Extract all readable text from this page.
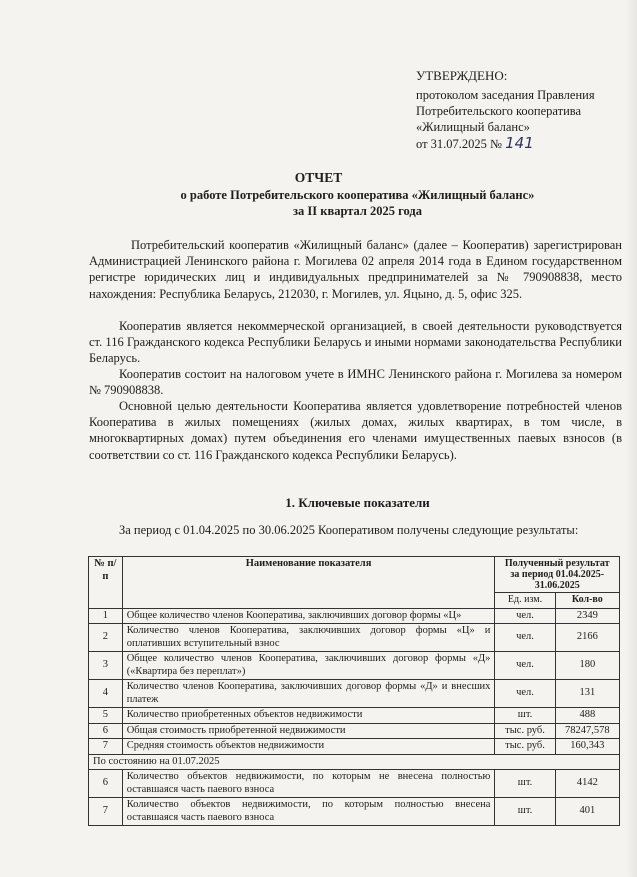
УТВЕРЖДЕНО:
протоколом заседания Правления
Потребительского кооператива
«Жилищный баланс»
от 31.07.2025 № 141
ОТЧЕТ
о работе Потребительского кооператива «Жилищный баланс»
за II квартал 2025 года

Потребительский кооператив «Жилищный баланс» (далее – Кооператив) зарегистрирован Администрацией Ленинского района г. Могилева 02 апреля 2014 года в Едином государственном регистре юридических лиц и индивидуальных предпринимателей за № 790908838, место нахождения: Республика Беларусь, 212030, г. Могилев, ул. Яцыно, д. 5, офис 325.

Кооператив является некоммерческой организацией, в своей деятельности руководствуется ст. 116 Гражданского кодекса Республики Беларусь и иными нормами законодательства Республики Беларусь.

Кооператив состоит на налоговом учете в ИМНС Ленинского района г. Могилева за номером № 790908838.

Основной целью деятельности Кооператива является удовлетворение потребностей членов Кооператива в жилых помещениях (жилых домах, жилых квартирах, в том числе, в многоквартирных домах) путем объединения его членами имущественных паевых взносов (в соответствии со ст. 116 Гражданского кодекса Республики Беларусь).

1. Ключевые показатели

За период с 01.04.2025 по 30.06.2025 Кооперативом получены следующие результаты:

№ п/п	Наименование показателя	Полученный результат за период 01.04.2025-31.06.2025	
		Ед. изм.	Кол-во
1	Общее количество членов Кооператива, заключивших договор формы «Ц»	чел.	2349
2	Количество членов Кооператива, заключивших договор формы «Ц» и оплативших вступительный взнос	чел.	2166
3	Общее количество членов Кооператива, заключивших договор формы «Д» («Квартира без переплат»)	чел.	180
4	Количество членов Кооператива, заключивших договор формы «Д» и внесших платеж	чел.	131
5	Количество приобретенных объектов недвижимости	шт.	488
6	Общая стоимость приобретенной недвижимости	тыс. руб.	78247,578
7	Средняя стоимость объектов недвижимости	тыс. руб.	160,343
По состоянию на 01.07.2025			
6	Количество объектов недвижимости, по которым не внесена полностью оставшаяся часть паевого взноса	шт.	4142
7	Количество объектов недвижимости, по которым полностью внесена оставшаяся часть паевого взноса	шт.	401
